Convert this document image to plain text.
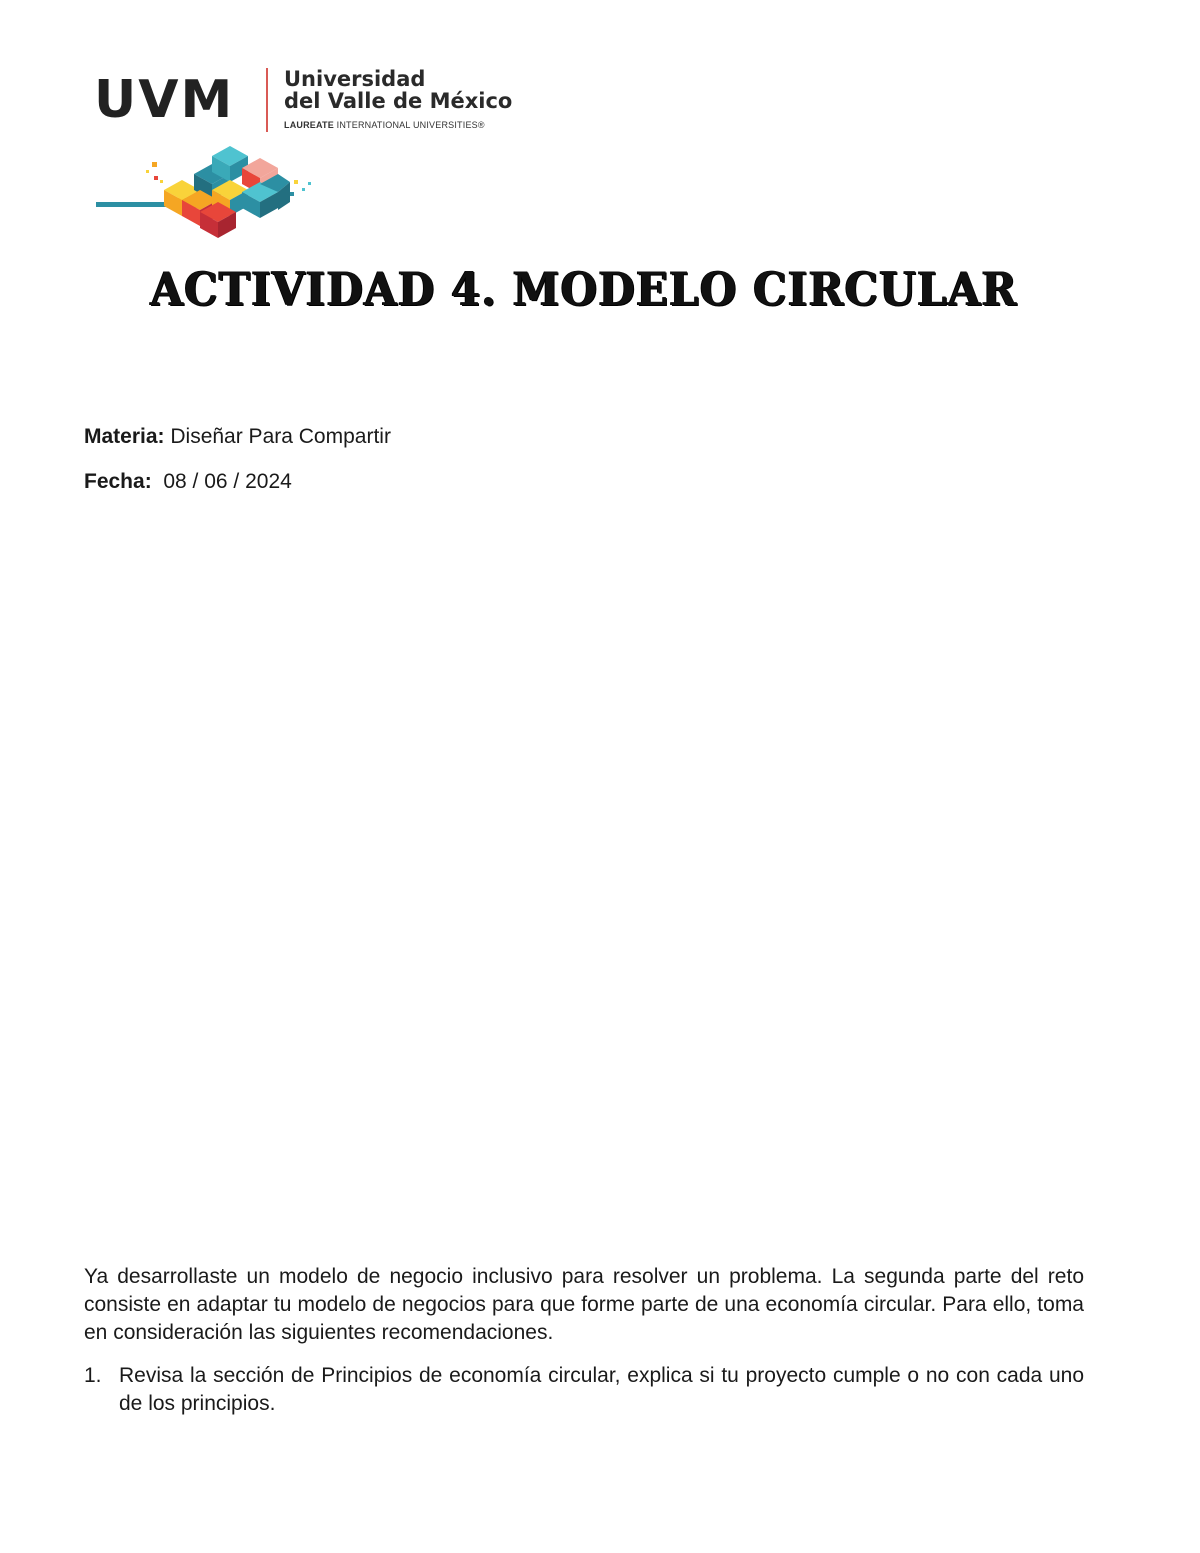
UVM Universidad
del Valle de México
LAUREATE INTERNATIONAL UNIVERSITIES®
ACTIVIDAD 4. MODELO CIRCULAR
Materia: Diseñar Para Compartir
Fecha:  08 / 06 / 2024
Ya desarrollaste un modelo de negocio inclusivo para resolver un problema. La segunda parte del reto consiste en adaptar tu modelo de negocios para que forme parte de una economía circular. Para ello, toma en consideración las siguientes recomendaciones.
1. Revisa la sección de Principios de economía circular, explica si tu proyecto cumple o no con cada uno de los principios.
